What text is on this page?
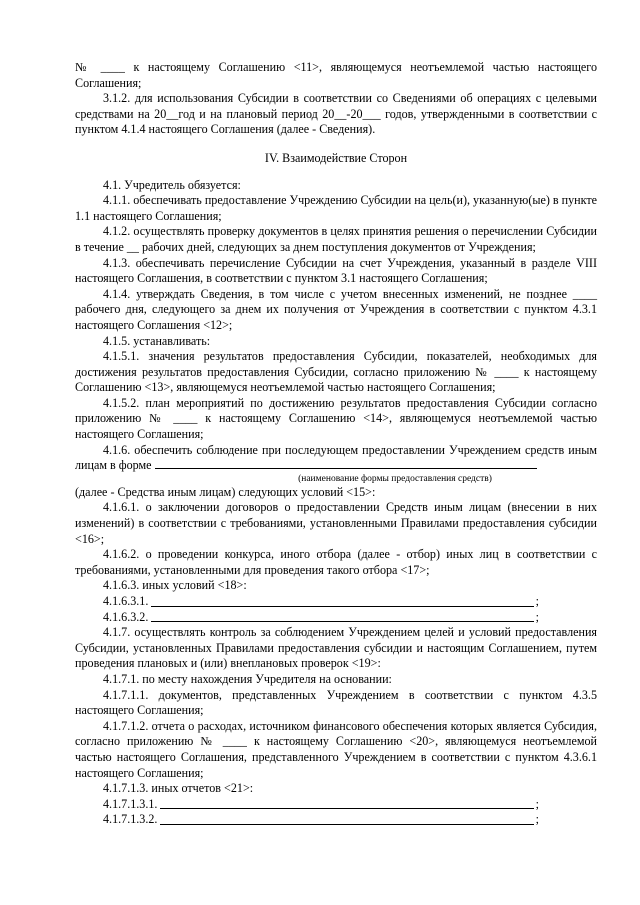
№ ____ к настоящему Соглашению <11>, являющемуся неотъемлемой частью настоящего Соглашения;

3.1.2. для использования Субсидии в соответствии со Сведениями об операциях с целевыми средствами на 20__год и на плановый период 20__-20___ годов, утвержденными в соответствии с пунктом 4.1.4 настоящего Соглашения (далее - Сведения).

IV. Взаимодействие Сторон

4.1. Учредитель обязуется:

4.1.1. обеспечивать предоставление Учреждению Субсидии на цель(и), указанную(ые) в пункте 1.1 настоящего Соглашения;

4.1.2. осуществлять проверку документов в целях принятия решения о перечислении Субсидии в течение __ рабочих дней, следующих за днем поступления документов от Учреждения;

4.1.3. обеспечивать перечисление Субсидии на счет Учреждения, указанный в разделе VIII настоящего Соглашения, в соответствии с пунктом 3.1 настоящего Соглашения;

4.1.4. утверждать Сведения, в том числе с учетом внесенных изменений, не позднее ____ рабочего дня, следующего за днем их получения от Учреждения в соответствии с пунктом 4.3.1 настоящего Соглашения <12>;

4.1.5. устанавливать:

4.1.5.1. значения результатов предоставления Субсидии, показателей, необходимых для достижения результатов предоставления Субсидии, согласно приложению № ____ к настоящему Соглашению <13>, являющемуся неотъемлемой частью настоящего Соглашения;

4.1.5.2. план мероприятий по достижению результатов предоставления Субсидии согласно приложению № ____ к настоящему Соглашению <14>, являющемуся неотъемлемой частью настоящего Соглашения;

4.1.6. обеспечить соблюдение при последующем предоставлении Учреждением средств иным лицам в форме

(наименование формы предоставления средств)

(далее - Средства иным лицам) следующих условий <15>:

4.1.6.1. о заключении договоров о предоставлении Средств иным лицам (внесении в них изменений) в соответствии с требованиями, установленными Правилами предоставления субсидии <16>;

4.1.6.2. о проведении конкурса, иного отбора (далее - отбор) иных лиц в соответствии с требованиями, установленными для проведения такого отбора <17>;

4.1.6.3. иных условий <18>:

4.1.6.3.1.	;
4.1.6.3.2.	;

4.1.7. осуществлять контроль за соблюдением Учреждением целей и условий предоставления Субсидии, установленных Правилами предоставления субсидии и настоящим Соглашением, путем проведения плановых и (или) внеплановых проверок <19>:

4.1.7.1. по месту нахождения Учредителя на основании:

4.1.7.1.1. документов, представленных Учреждением в соответствии с пунктом 4.3.5 настоящего Соглашения;

4.1.7.1.2. отчета о расходах, источником финансового обеспечения которых является Субсидия, согласно приложению № ____ к настоящему Соглашению <20>, являющемуся неотъемлемой частью настоящего Соглашения, представленного Учреждением в соответствии с пунктом 4.3.6.1 настоящего Соглашения;

4.1.7.1.3. иных отчетов <21>:

4.1.7.1.3.1.	;
4.1.7.1.3.2.	;
